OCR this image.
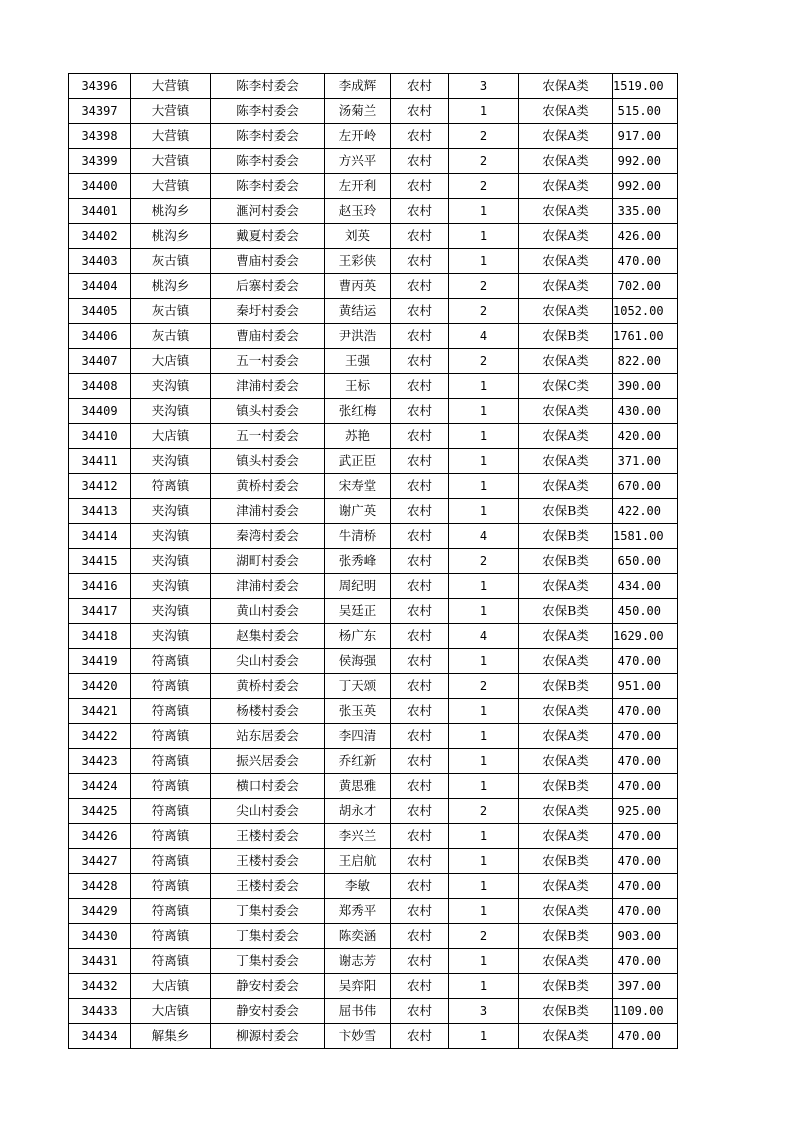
34396	大营镇	陈李村委会	李成辉	农村	3	农保A类	1519.00
34397	大营镇	陈李村委会	汤菊兰	农村	1	农保A类	515.00
34398	大营镇	陈李村委会	左开岭	农村	2	农保A类	917.00
34399	大营镇	陈李村委会	方兴平	农村	2	农保A类	992.00
34400	大营镇	陈李村委会	左开利	农村	2	农保A类	992.00
34401	桃沟乡	滙河村委会	赵玉玲	农村	1	农保A类	335.00
34402	桃沟乡	戴夏村委会	刘英	农村	1	农保A类	426.00
34403	灰古镇	曹庙村委会	王彩侠	农村	1	农保A类	470.00
34404	桃沟乡	后寨村委会	曹丙英	农村	2	农保A类	702.00
34405	灰古镇	秦圩村委会	黄结运	农村	2	农保A类	1052.00
34406	灰古镇	曹庙村委会	尹洪浩	农村	4	农保B类	1761.00
34407	大店镇	五一村委会	王强	农村	2	农保A类	822.00
34408	夹沟镇	津浦村委会	王标	农村	1	农保C类	390.00
34409	夹沟镇	镇头村委会	张红梅	农村	1	农保A类	430.00
34410	大店镇	五一村委会	苏艳	农村	1	农保A类	420.00
34411	夹沟镇	镇头村委会	武正臣	农村	1	农保A类	371.00
34412	符离镇	黄桥村委会	宋寿堂	农村	1	农保A类	670.00
34413	夹沟镇	津浦村委会	谢广英	农村	1	农保B类	422.00
34414	夹沟镇	秦湾村委会	牛清桥	农村	4	农保B类	1581.00
34415	夹沟镇	湖町村委会	张秀峰	农村	2	农保B类	650.00
34416	夹沟镇	津浦村委会	周纪明	农村	1	农保A类	434.00
34417	夹沟镇	黄山村委会	吴廷正	农村	1	农保B类	450.00
34418	夹沟镇	赵集村委会	杨广东	农村	4	农保A类	1629.00
34419	符离镇	尖山村委会	侯海强	农村	1	农保A类	470.00
34420	符离镇	黄桥村委会	丁天颂	农村	2	农保B类	951.00
34421	符离镇	杨楼村委会	张玉英	农村	1	农保A类	470.00
34422	符离镇	站东居委会	李四清	农村	1	农保A类	470.00
34423	符离镇	振兴居委会	乔红新	农村	1	农保A类	470.00
34424	符离镇	横口村委会	黄思雅	农村	1	农保B类	470.00
34425	符离镇	尖山村委会	胡永才	农村	2	农保A类	925.00
34426	符离镇	王楼村委会	李兴兰	农村	1	农保A类	470.00
34427	符离镇	王楼村委会	王启航	农村	1	农保B类	470.00
34428	符离镇	王楼村委会	李敏	农村	1	农保A类	470.00
34429	符离镇	丁集村委会	郑秀平	农村	1	农保A类	470.00
34430	符离镇	丁集村委会	陈奕涵	农村	2	农保B类	903.00
34431	符离镇	丁集村委会	谢志芳	农村	1	农保A类	470.00
34432	大店镇	静安村委会	吴弈阳	农村	1	农保B类	397.00
34433	大店镇	静安村委会	屈书伟	农村	3	农保B类	1109.00
34434	解集乡	柳源村委会	卞妙雪	农村	1	农保A类	470.00
